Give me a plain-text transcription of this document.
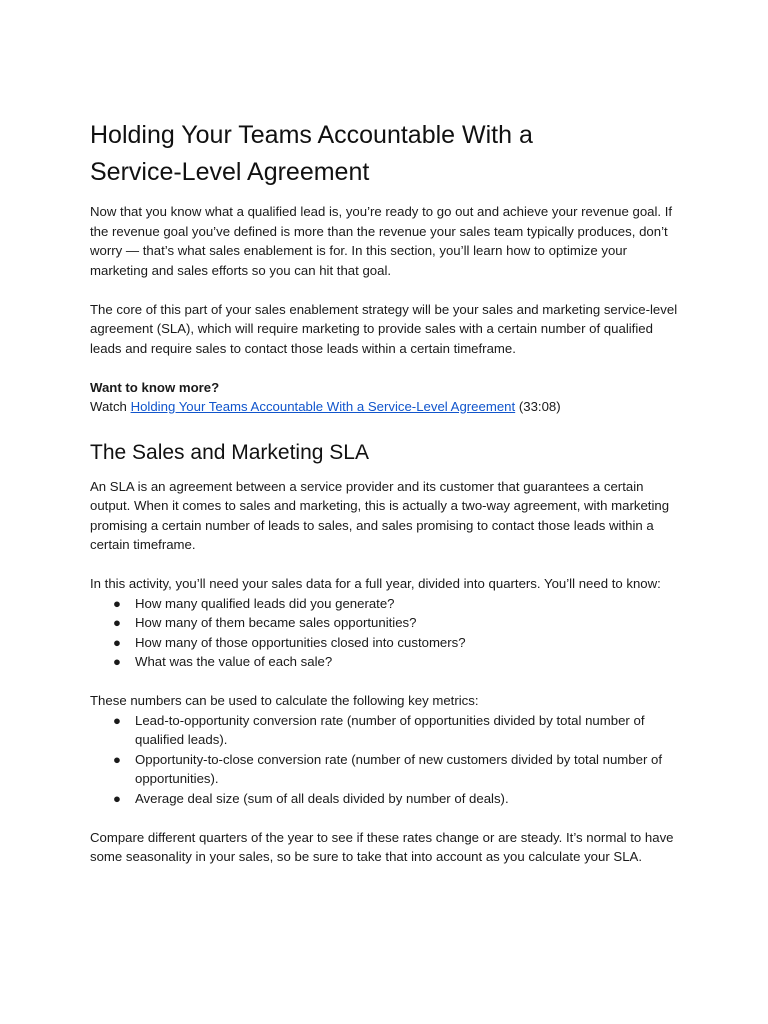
Holding Your Teams Accountable With a
Service-Level Agreement

Now that you know what a qualified lead is, you’re ready to go out and achieve your revenue goal. If the revenue goal you’ve defined is more than the revenue your sales team typically produces, don’t worry — that’s what sales enablement is for. In this section, you’ll learn how to optimize your marketing and sales efforts so you can hit that goal.

The core of this part of your sales enablement strategy will be your sales and marketing service-level agreement (SLA), which will require marketing to provide sales with a certain number of qualified leads and require sales to contact those leads within a certain timeframe.

Want to know more?
Watch Holding Your Teams Accountable With a Service-Level Agreement (33:08)

The Sales and Marketing SLA

An SLA is an agreement between a service provider and its customer that guarantees a certain output. When it comes to sales and marketing, this is actually a two-way agreement, with marketing promising a certain number of leads to sales, and sales promising to contact those leads within a certain timeframe.

In this activity, you’ll need your sales data for a full year, divided into quarters. You’ll need to know:

● How many qualified leads did you generate?
● How many of them became sales opportunities?
● How many of those opportunities closed into customers?
● What was the value of each sale?

These numbers can be used to calculate the following key metrics:

● Lead-to-opportunity conversion rate (number of opportunities divided by total number of qualified leads).
● Opportunity-to-close conversion rate (number of new customers divided by total number of opportunities).
● Average deal size (sum of all deals divided by number of deals).

Compare different quarters of the year to see if these rates change or are steady. It’s normal to have some seasonality in your sales, so be sure to take that into account as you calculate your SLA.
